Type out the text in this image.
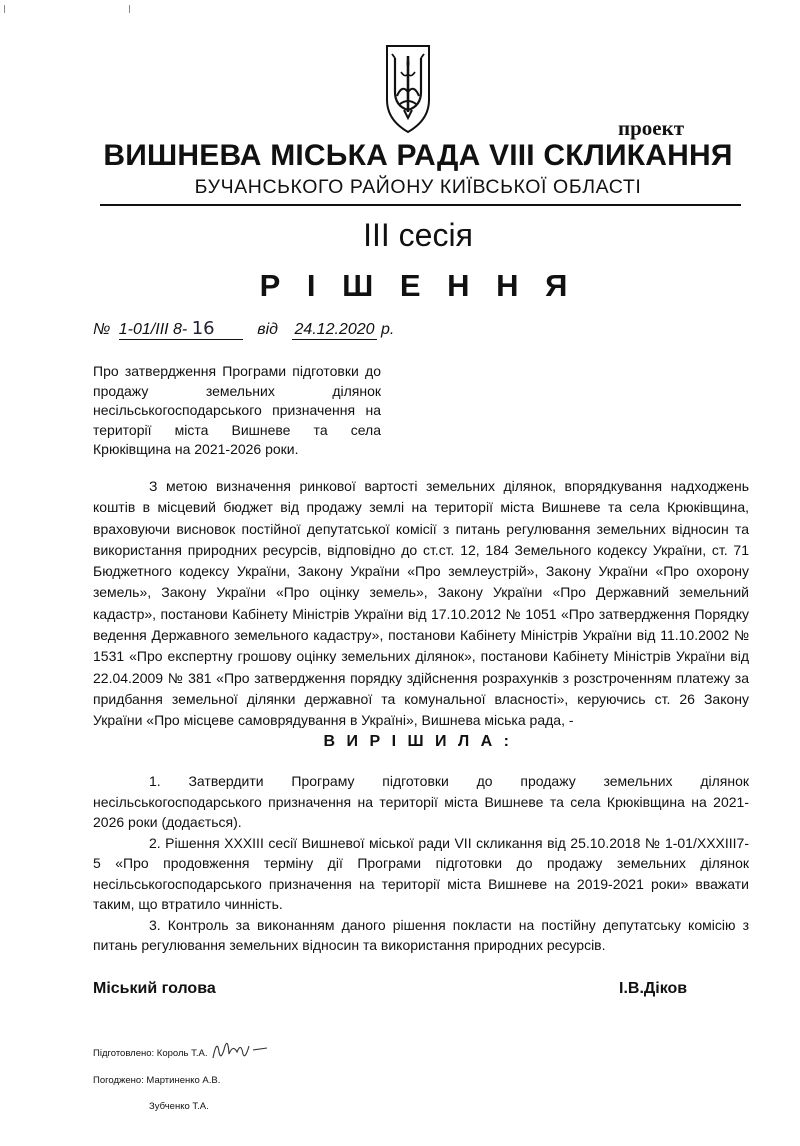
проект
ВИШНЕВА МІСЬКА РАДА VIII СКЛИКАННЯ
БУЧАНСЬКОГО РАЙОНУ КИЇВСЬКОЇ ОБЛАСТІ
ІІІ сесія
Р І Ш Е Н Н Я
№ 1-01/ІІІ 8- 16	від 24.12.2020 р.
Про затвердження Програми підготовки до продажу земельних ділянок несільськогосподарського призначення на території міста Вишневе та села Крюківщина на 2021-2026 роки.
З метою визначення ринкової вартості земельних ділянок, впорядкування надходжень коштів в місцевий бюджет від продажу землі на території міста Вишневе та села Крюківщина, враховуючи висновок постійної депутатської комісії з питань регулювання земельних відносин та використання природних ресурсів, відповідно до ст.ст. 12, 184 Земельного кодексу України, ст. 71 Бюджетного кодексу України, Закону України «Про землеустрій», Закону України «Про охорону земель», Закону України «Про оцінку земель», Закону України «Про Державний земельний кадастр», постанови Кабінету Міністрів України від 17.10.2012 № 1051 «Про затвердження Порядку ведення Державного земельного кадастру», постанови Кабінету Міністрів України від 11.10.2002 № 1531 «Про експертну грошову оцінку земельних ділянок», постанови Кабінету Міністрів України від 22.04.2009 № 381 «Про затвердження порядку здійснення розрахунків з розстроченням платежу за придбання земельної ділянки державної та комунальної власності», керуючись ст. 26 Закону України «Про місцеве самоврядування в Україні», Вишнева міська рада, -
В И Р І Ш И Л А :

1. Затвердити Програму підготовки до продажу земельних ділянок несільськогосподарського призначення на території міста Вишневе та села Крюківщина на 2021-2026 роки (додається).

2. Рішення ХХХІІІ сесії Вишневої міської ради VII скликання від 25.10.2018 № 1-01/ХХХІІІ7-5 «Про продовження терміну дії Програми підготовки до продажу земельних ділянок несільськогосподарського призначення на території міста Вишневе на 2019-2021 роки» вважати таким, що втратило чинність.

3. Контроль за виконанням даного рішення покласти на постійну депутатську комісію з питань регулювання земельних відносин та використання природних ресурсів.

Міський голова	І.В.Діков
Підготовлено: Король Т.А.
Погоджено: Мартиненко А.В.
Зубченко Т.А.
